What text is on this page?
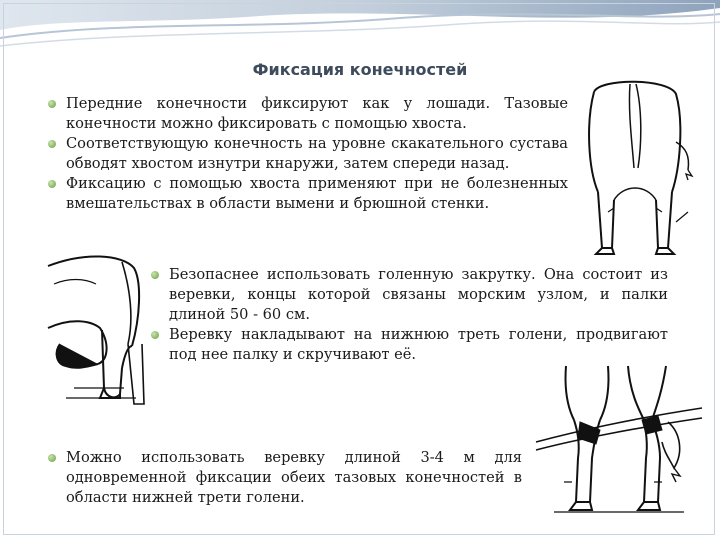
Фиксация конечностей
Передние конечности фиксируют как у лошади. Тазовые конечности можно фиксировать с помощью хвоста.
Соответствующую конечность на уровне скакательного сустава обводят хвостом изнутри кнаружи, затем спереди назад.
Фиксацию с помощью хвоста применяют при не болезненных вмешательствах в области вымени и брюшной стенки.
Безопаснее использовать голенную закрутку. Она состоит из веревки, концы которой связаны морским узлом, и палки длиной 50 - 60 см.
Веревку накладывают на нижнюю треть голени, продвигают под нее палку и скручивают её.
Можно использовать веревку длиной 3-4 м для одновременной фиксации обеих тазовых конечностей в области нижней трети голени.
